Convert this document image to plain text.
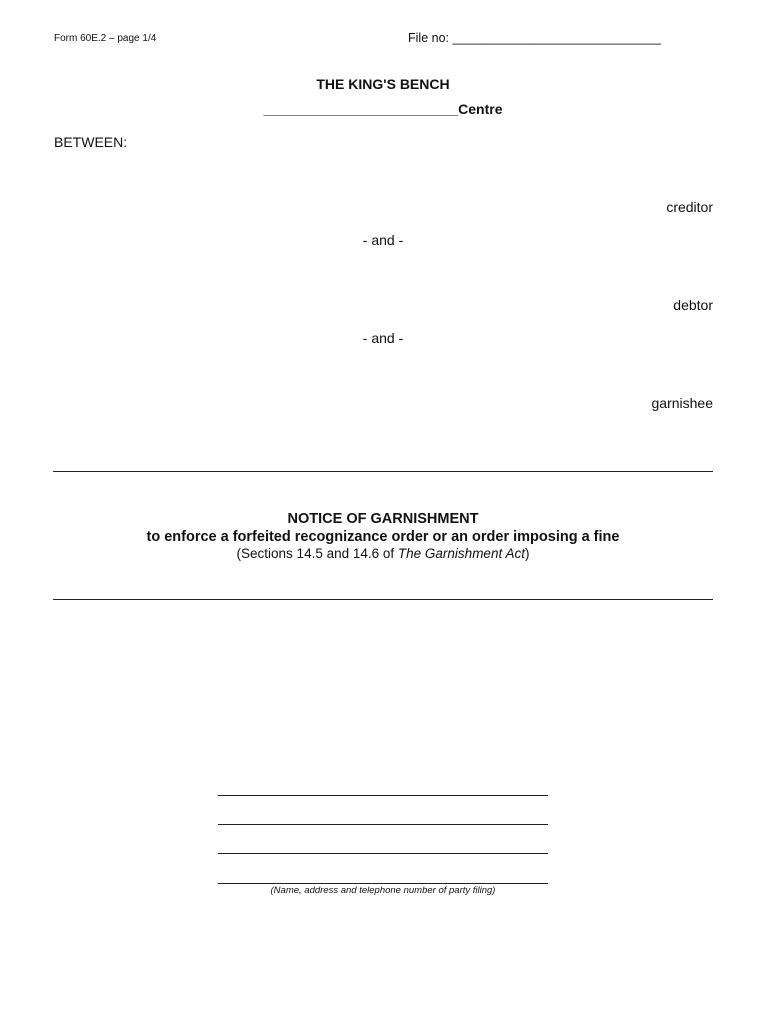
Form 60E.2 – page 1/4	File no: ______________________________
THE KING'S BENCH
_________________________Centre
BETWEEN:
creditor
- and -
debtor
- and -
garnishee
NOTICE OF GARNISHMENT
to enforce a forfeited recognizance order or an order imposing a fine
(Sections 14.5 and 14.6 of The Garnishment Act)
(Name, address and telephone number of party filing)
